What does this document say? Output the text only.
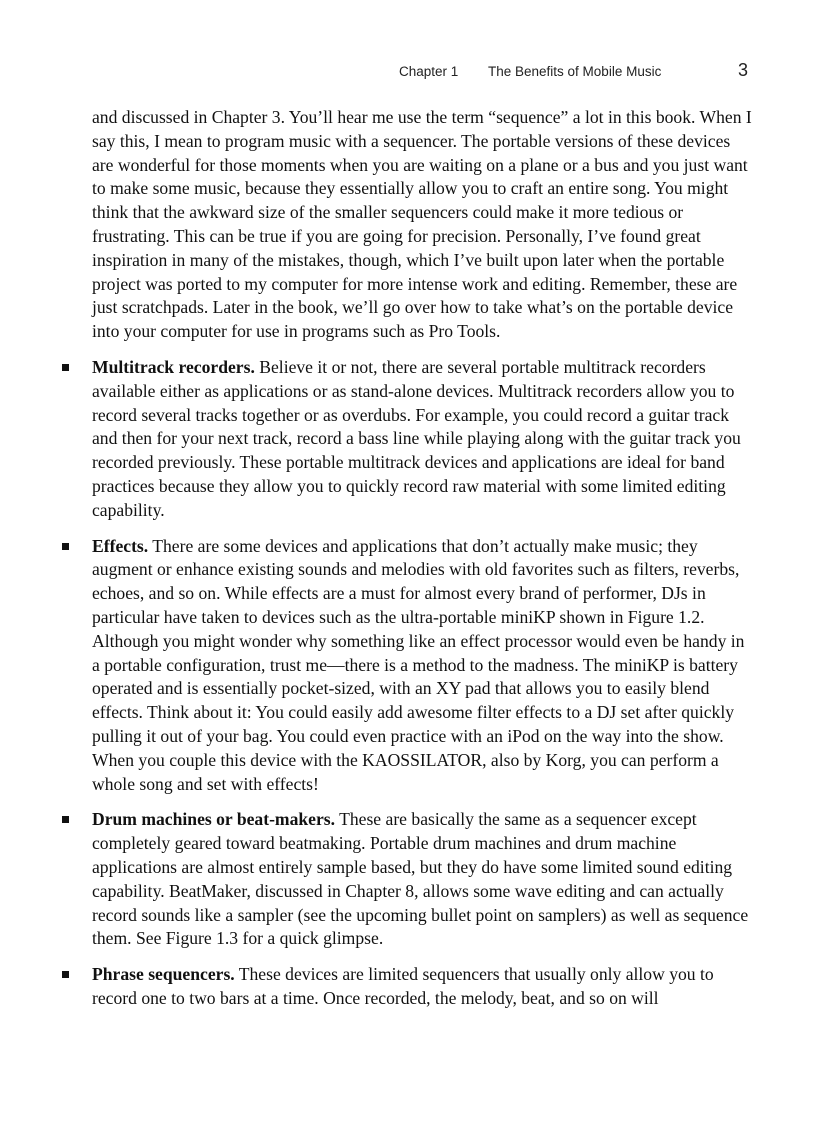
Chapter 1 The Benefits of Mobile Music	3

and discussed in Chapter 3. You’ll hear me use the term “sequence” a lot in this book. When I say this, I mean to program music with a sequencer. The portable versions of these devices are wonderful for those moments when you are waiting on a plane or a bus and you just want to make some music, because they essentially allow you to craft an entire song. You might think that the awkward size of the smaller sequencers could make it more tedious or frustrating. This can be true if you are going for precision. Personally, I’ve found great inspiration in many of the mistakes, though, which I’ve built upon later when the portable project was ported to my computer for more intense work and editing. Remember, these are just scratchpads. Later in the book, we’ll go over how to take what’s on the portable device into your computer for use in programs such as Pro Tools.

Multitrack recorders. Believe it or not, there are several portable multitrack recorders available either as applications or as stand-alone devices. Multitrack recorders allow you to record several tracks together or as overdubs. For example, you could record a guitar track and then for your next track, record a bass line while playing along with the guitar track you recorded previously. These portable multitrack devices and applications are ideal for band practices because they allow you to quickly record raw material with some limited editing capability.
Effects. There are some devices and applications that don’t actually make music; they augment or enhance existing sounds and melodies with old favorites such as filters, reverbs, echoes, and so on. While effects are a must for almost every brand of performer, DJs in particular have taken to devices such as the ultra-portable miniKP shown in Figure 1.2. Although you might wonder why something like an effect processor would even be handy in a portable configuration, trust me—there is a method to the madness. The miniKP is battery operated and is essentially pocket-sized, with an XY pad that allows you to easily blend effects. Think about it: You could easily add awesome filter effects to a DJ set after quickly pulling it out of your bag. You could even practice with an iPod on the way into the show. When you couple this device with the KAOSSILATOR, also by Korg, you can perform a whole song and set with effects!
Drum machines or beat-makers. These are basically the same as a sequencer except completely geared toward beatmaking. Portable drum machines and drum machine applications are almost entirely sample based, but they do have some limited sound editing capability. BeatMaker, discussed in Chapter 8, allows some wave editing and can actually record sounds like a sampler (see the upcoming bullet point on samplers) as well as sequence them. See Figure 1.3 for a quick glimpse.
Phrase sequencers. These devices are limited sequencers that usually only allow you to record one to two bars at a time. Once recorded, the melody, beat, and so on will
